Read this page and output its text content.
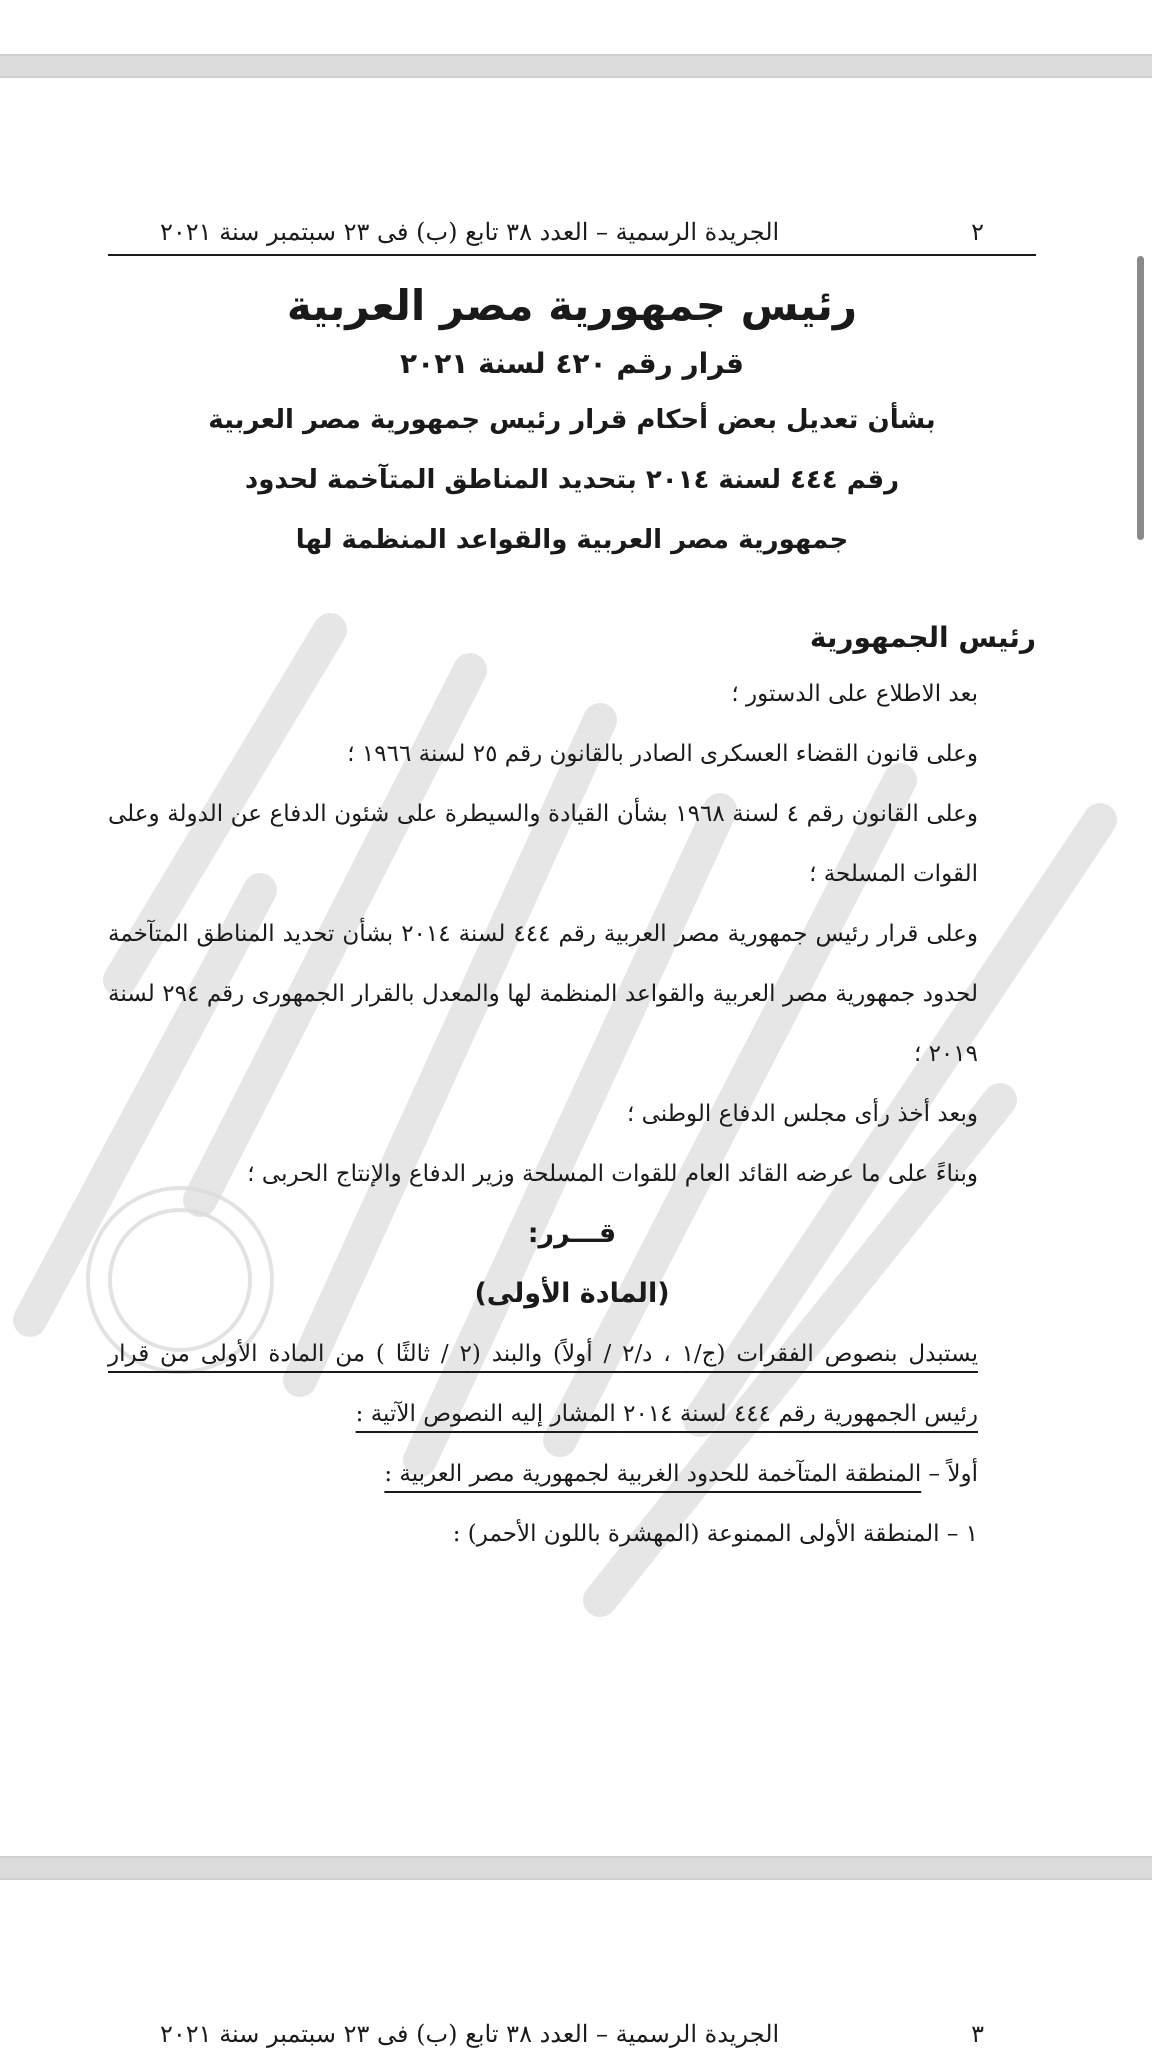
٢
الجريدة الرسمية – العدد ٣٨ تابع (ب) فى ٢٣ سبتمبر سنة ٢٠٢١
رئيس جمهورية مصر العربية
قرار رقم ٤٢٠ لسنة ٢٠٢١
بشأن تعديل بعض أحكام قرار رئيس جمهورية مصر العربية
رقم ٤٤٤ لسنة ٢٠١٤ بتحديد المناطق المتآخمة لحدود
جمهورية مصر العربية والقواعد المنظمة لها
رئيس الجمهورية

بعد الاطلاع على الدستور ؛

وعلى قانون القضاء العسكرى الصادر بالقانون رقم ٢٥ لسنة ١٩٦٦ ؛

وعلى القانون رقم ٤ لسنة ١٩٦٨ بشأن القيادة والسيطرة على شئون الدفاع عن الدولة وعلى القوات المسلحة ؛

وعلى قرار رئيس جمهورية مصر العربية رقم ٤٤٤ لسنة ٢٠١٤ بشأن تحديد المناطق المتآخمة لحدود جمهورية مصر العربية والقواعد المنظمة لها والمعدل بالقرار الجمهورى رقم ٢٩٤ لسنة ٢٠١٩ ؛

وبعد أخذ رأى مجلس الدفاع الوطنى ؛

وبناءً على ما عرضه القائد العام للقوات المسلحة وزير الدفاع والإنتاج الحربى ؛

قـــرر:
(المادة الأولى)

يستبدل بنصوص الفقرات (ج/١ ، د/٢ / أولاً) والبند (٢ / ثالثًا ) من المادة الأولى من قرار رئيس الجمهورية رقم ٤٤٤ لسنة ٢٠١٤ المشار إليه النصوص الآتية :

أولاً – المنطقة المتآخمة للحدود الغربية لجمهورية مصر العربية :

١ – المنطقة الأولى الممنوعة (المهشرة باللون الأحمر) :

٣
الجريدة الرسمية – العدد ٣٨ تابع (ب) فى ٢٣ سبتمبر سنة ٢٠٢١
